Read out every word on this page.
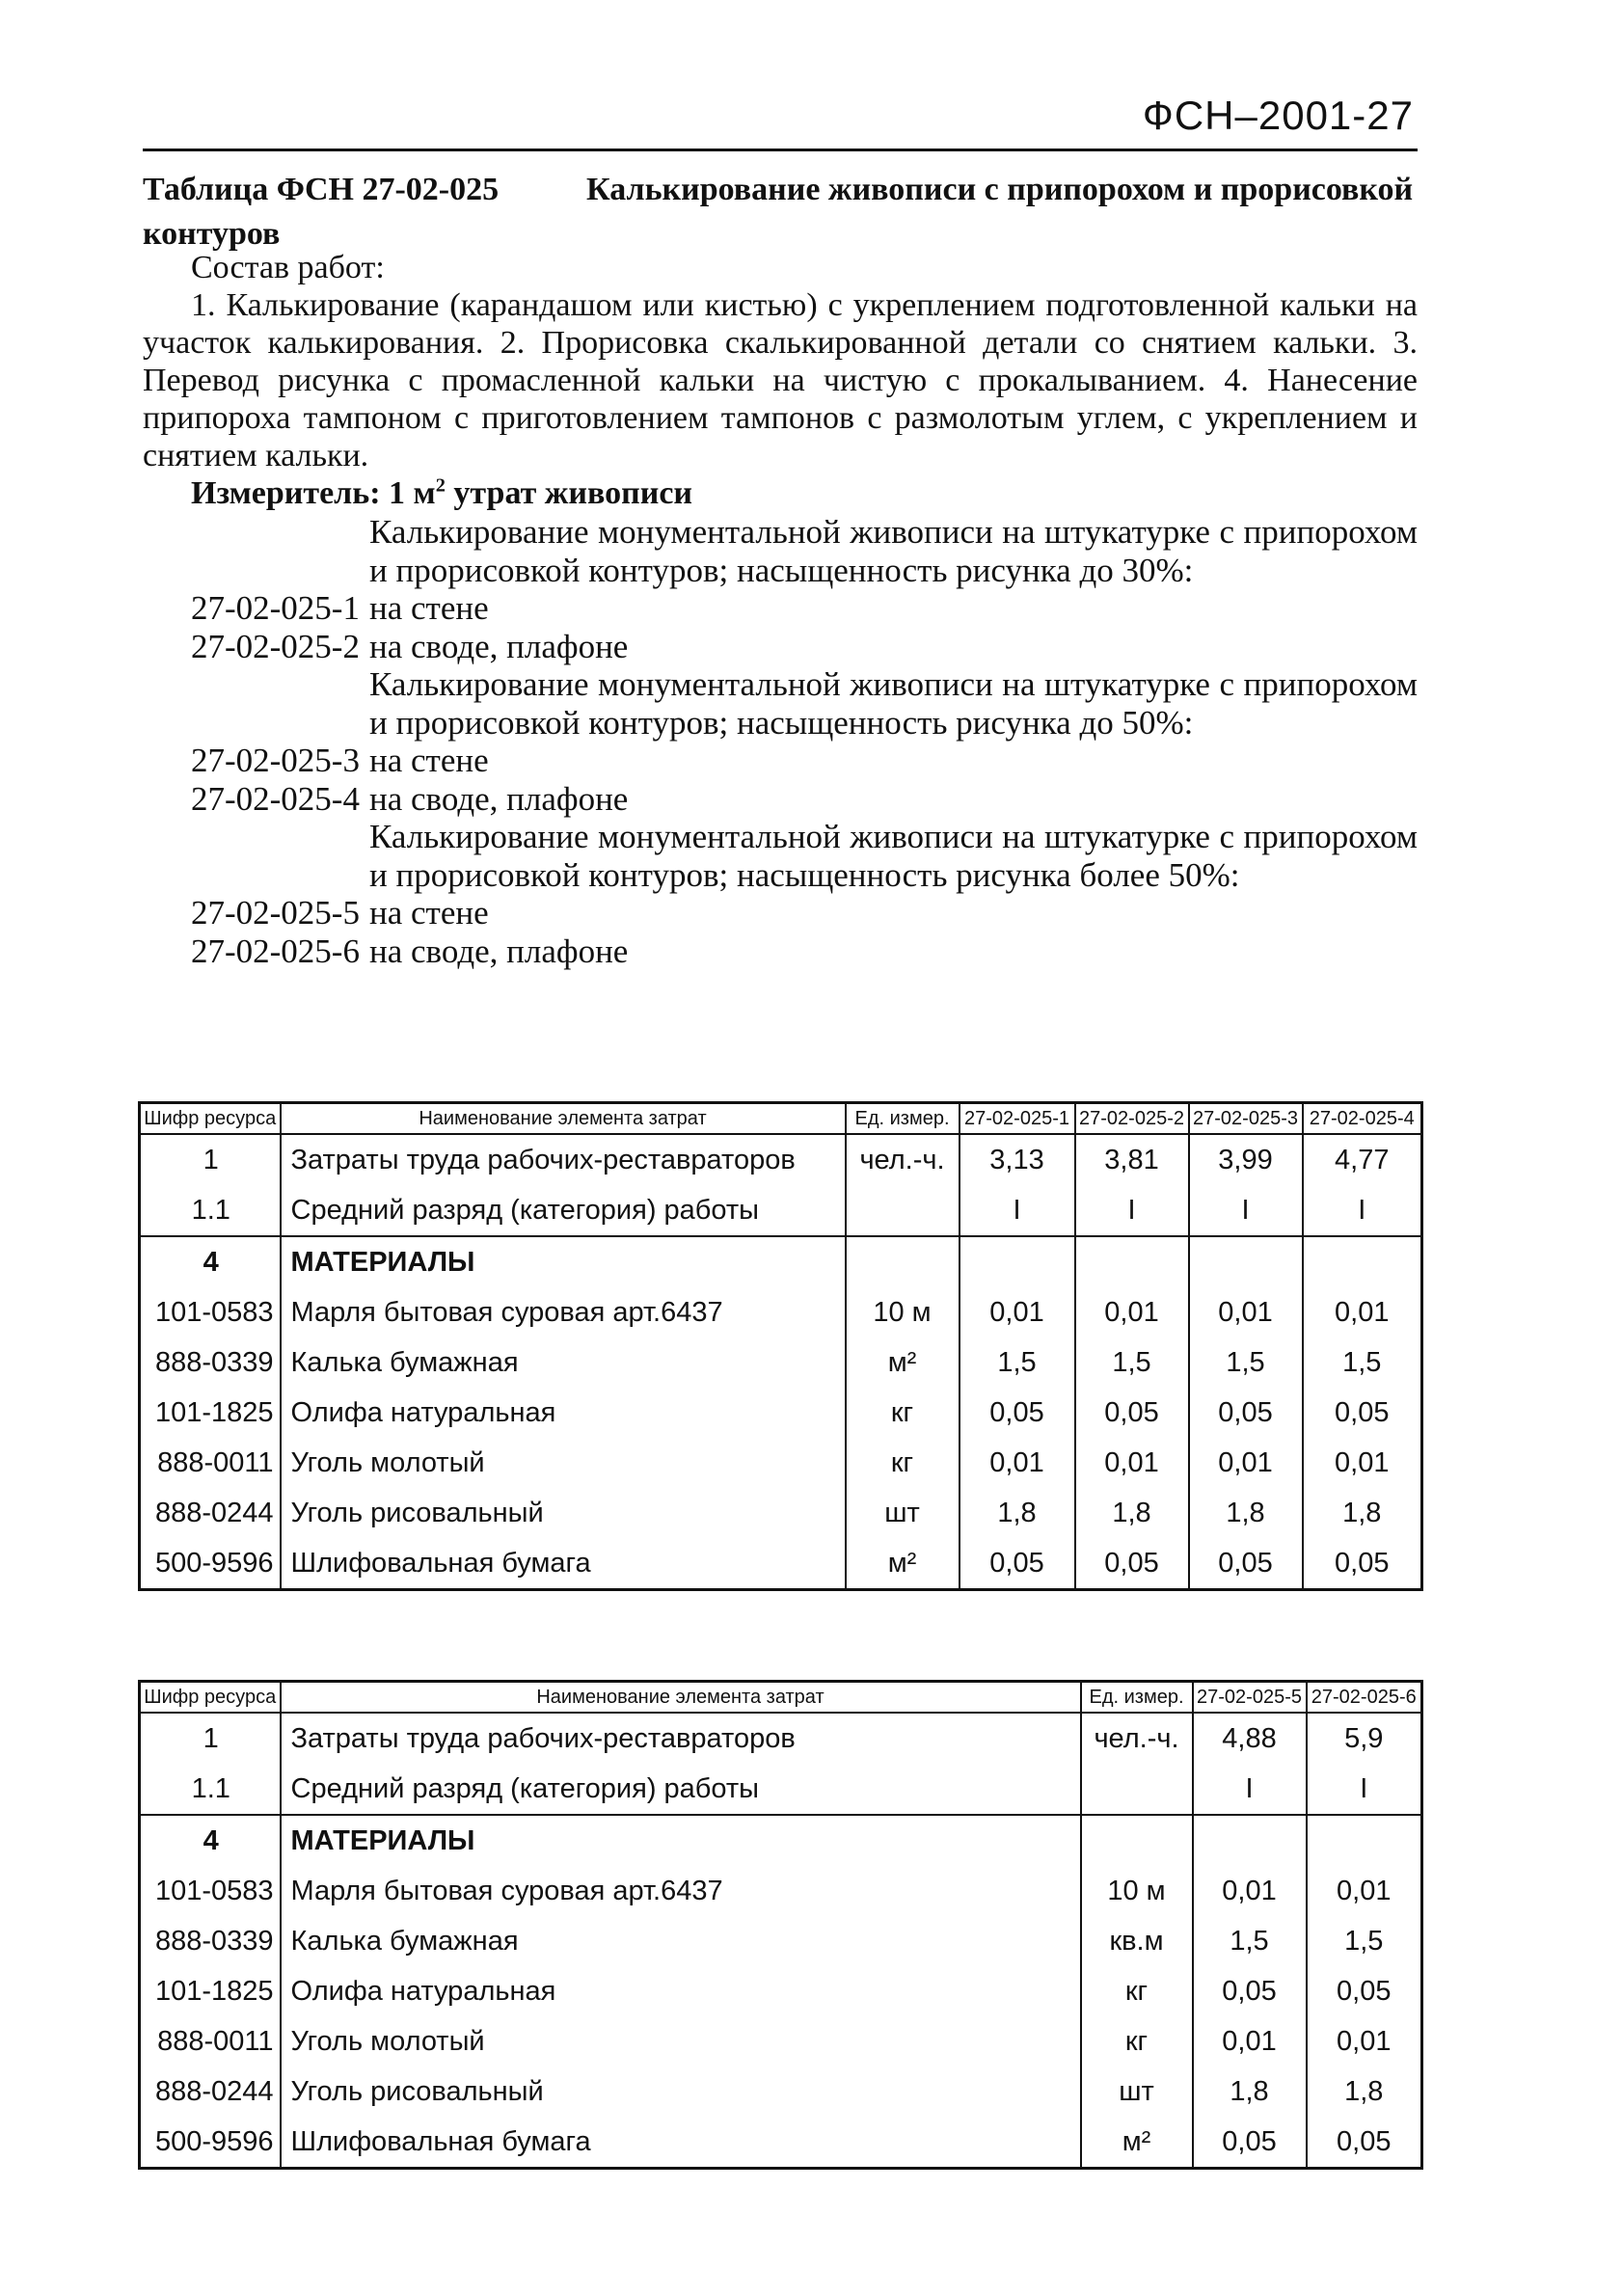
ФСН–2001-27
Таблица ФСН 27-02-025	Калькирование живописи с припорохом и прорисовкой контуров

Состав работ:

1. Калькирование (карандашом или кистью) с укреплением подготовленной кальки на участок калькирования. 2. Прорисовка скалькированной детали со снятием кальки. 3. Перевод рисунка с промасленной кальки на чистую с прокалыванием. 4. Нанесение припороха тампоном с приготовлением тампонов с размолотым углем, с укреплением и снятием кальки.

Измеритель: 1 $м^2$ утрат живописи

Калькирование монументальной живописи на штукатурке с припорохом и прорисовкой контуров; насыщенность рисунка до 30%:
27-02-025-1 на стене
27-02-025-2 на своде, плафоне
Калькирование монументальной живописи на штукатурке с припорохом и прорисовкой контуров; насыщенность рисунка до 50%:
27-02-025-3 на стене
27-02-025-4 на своде, плафоне
Калькирование монументальной живописи на штукатурке с припорохом и прорисовкой контуров; насыщенность рисунка более 50%:
27-02-025-5 на стене
27-02-025-6 на своде, плафоне
Шифр ресурса	Наименование элемента затрат	Ед. измер.	27-02-025-1	27-02-025-2	27-02-025-3	27-02-025-4
1	Затраты труда рабочих-реставраторов	чел.-ч.	3,13	3,81	3,99	4,77
1.1	Средний разряд (категория) работы		I	I	I	I
4	МАТЕРИАЛЫ					
101-0583	Марля бытовая суровая арт.6437	10 м	0,01	0,01	0,01	0,01
888-0339	Калька бумажная	м²	1,5	1,5	1,5	1,5
101-1825	Олифа натуральная	кг	0,05	0,05	0,05	0,05
888-0011	Уголь молотый	кг	0,01	0,01	0,01	0,01
888-0244	Уголь рисовальный	шт	1,8	1,8	1,8	1,8
500-9596	Шлифовальная бумага	м²	0,05	0,05	0,05	0,05
Шифр ресурса	Наименование элемента затрат	Ед. измер.	27-02-025-5	27-02-025-6
1	Затраты труда рабочих-реставраторов	чел.-ч.	4,88	5,9
1.1	Средний разряд (категория) работы		I	I
4	МАТЕРИАЛЫ			
101-0583	Марля бытовая суровая арт.6437	10 м	0,01	0,01
888-0339	Калька бумажная	кв.м	1,5	1,5
101-1825	Олифа натуральная	кг	0,05	0,05
888-0011	Уголь молотый	кг	0,01	0,01
888-0244	Уголь рисовальный	шт	1,8	1,8
500-9596	Шлифовальная бумага	м²	0,05	0,05
